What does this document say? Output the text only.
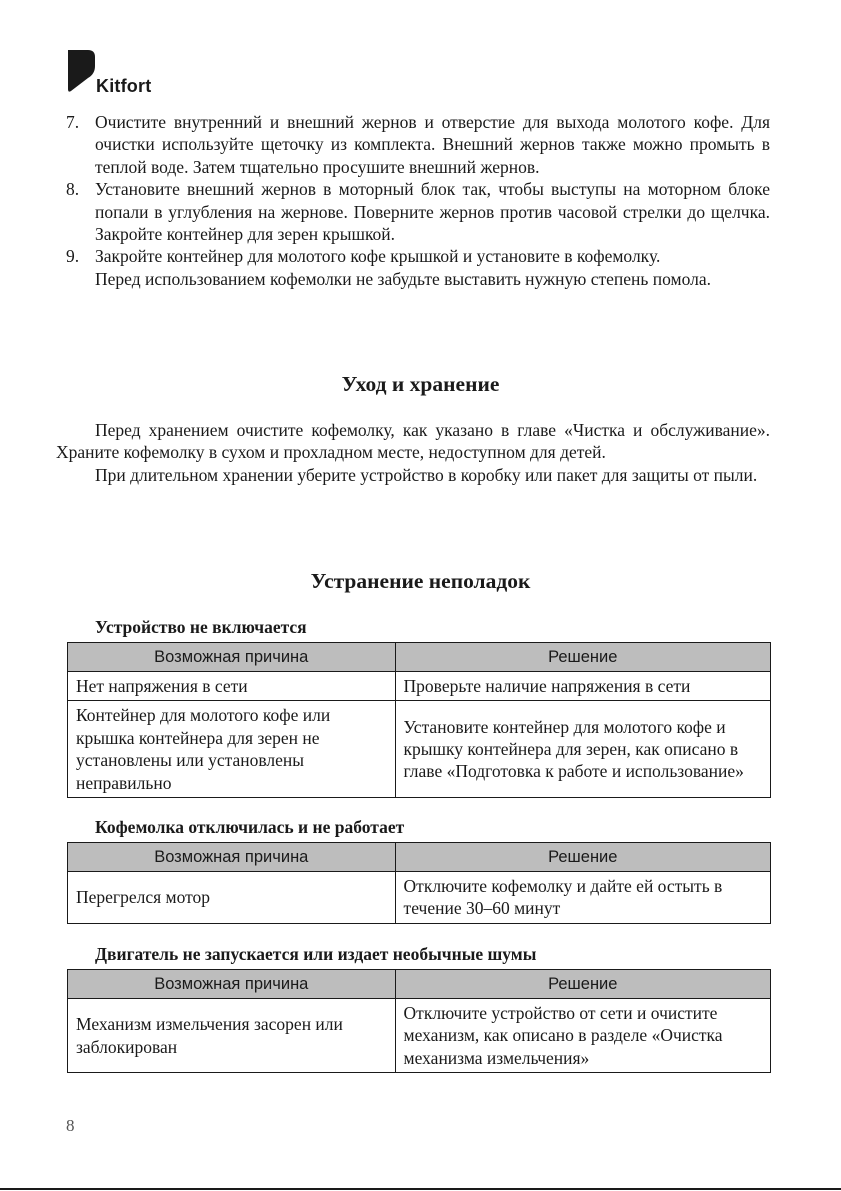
Kitfort
7. Очистите внутренний и внешний жернов и отверстие для выхода молотого кофе. Для очистки используйте щеточку из комплекта. Внешний жернов также можно промыть в теплой воде. Затем тщательно просушите внешний жернов.
8. Установите внешний жернов в моторный блок так, чтобы выступы на моторном блоке попали в углубления на жернове. Поверните жернов против часовой стрелки до щелчка. Закройте контейнер для зерен крышкой.
9. Закройте контейнер для молотого кофе крышкой и установите в кофемолку.
Перед использованием кофемолки не забудьте выставить нужную степень помола.
Уход и хранение

Перед хранением очистите кофемолку, как указано в главе «Чистка и обслуживание». Храните кофемолку в сухом и прохладном месте, недоступном для детей.

При длительном хранении уберите устройство в коробку или пакет для защиты от пыли.

Устранение неполадок

Устройство не включается

Возможная причина	Решение
Нет напряжения в сети	Проверьте наличие напряжения в сети
Контейнер для молотого кофе или крышка контейнера для зерен не установлены или установлены неправильно	Установите контейнер для молотого кофе и крышку контейнера для зерен, как описано в главе «Подготовка к работе и использование»

Кофемолка отключилась и не работает

Возможная причина	Решение
Перегрелся мотор	Отключите кофемолку и дайте ей остыть в течение 30–60 минут

Двигатель не запускается или издает необычные шумы

Возможная причина	Решение
Механизм измельчения засорен или заблокирован	Отключите устройство от сети и очистите механизм, как описано в разделе «Очистка механизма измельчения»
8
